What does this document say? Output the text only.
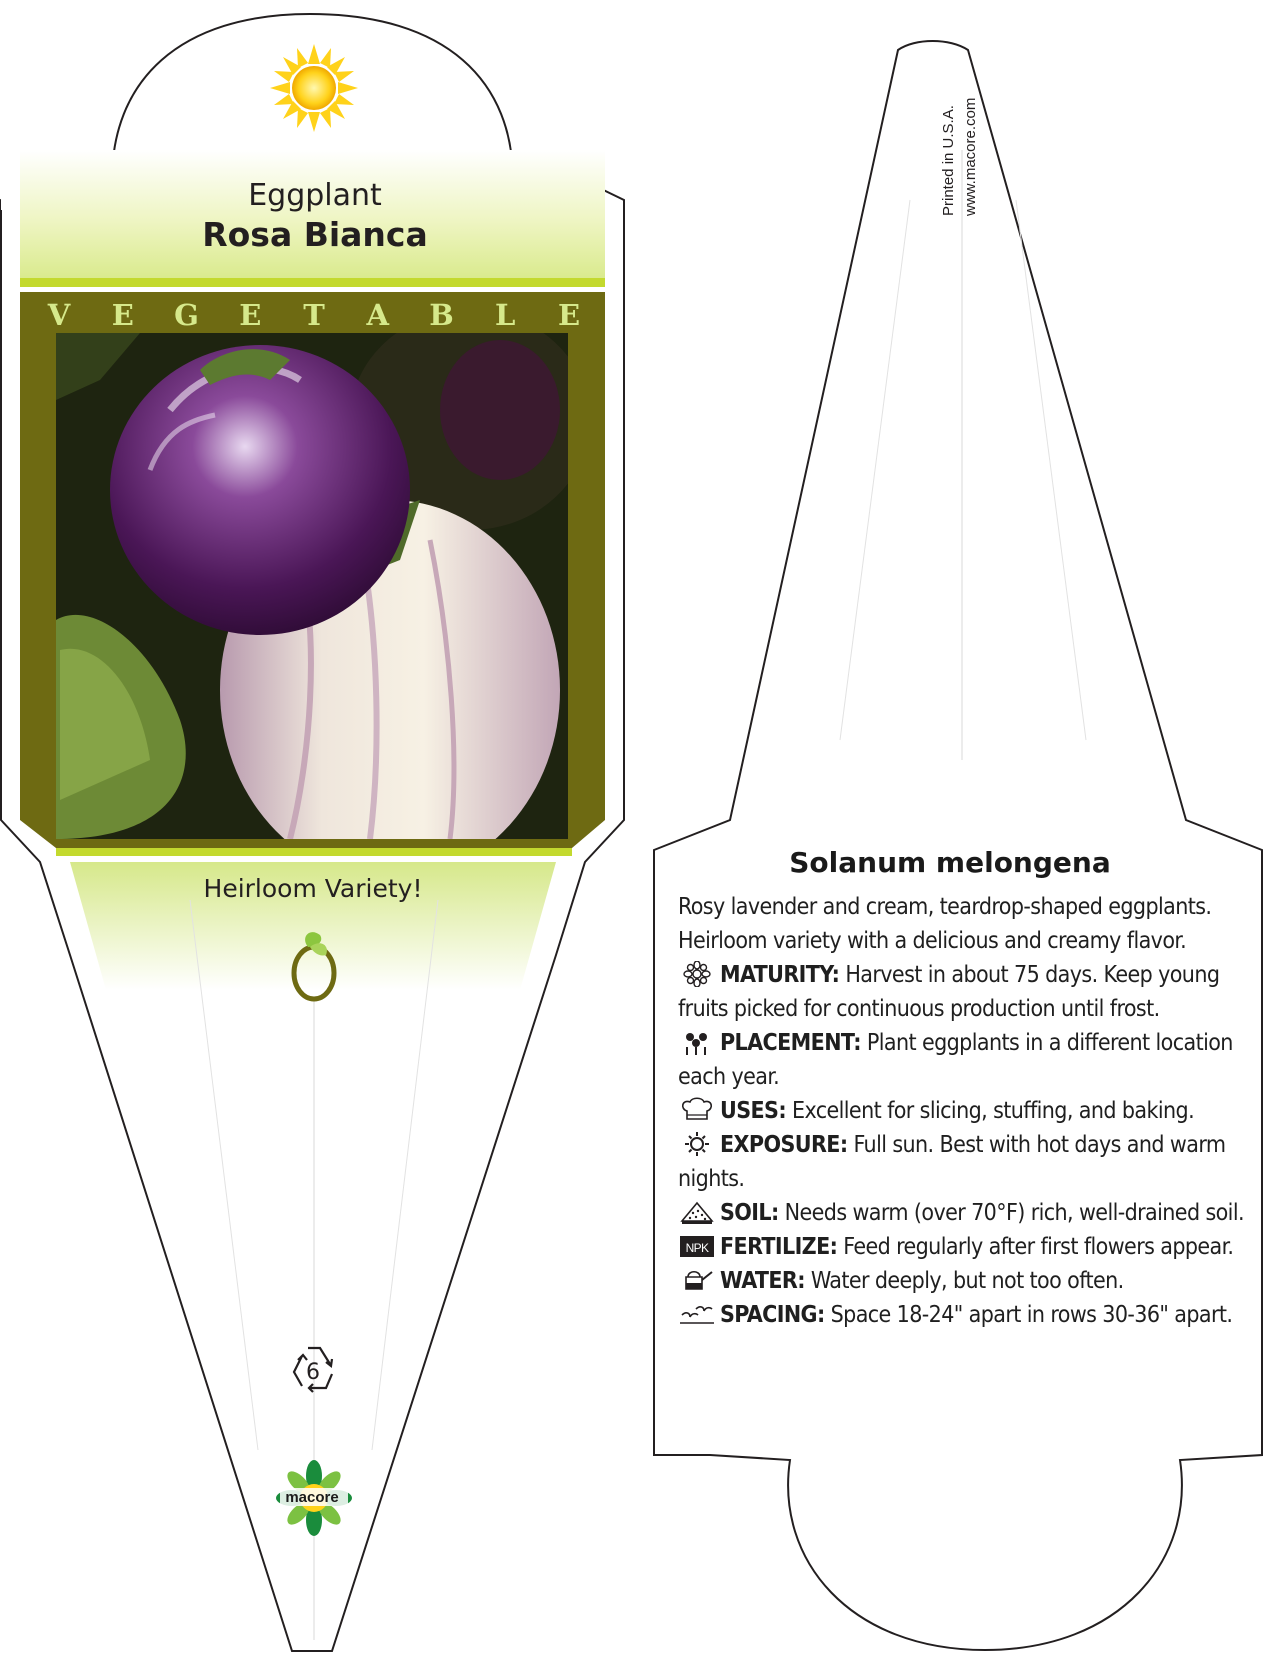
Eggplant
Rosa Bianca
V E G E T A B L E
Heirloom Variety!
6
macore
Printed in U.S.A. www.macore.com
Solanum melongena

Rosy lavender and cream, teardrop-shaped eggplants. Heirloom variety with a delicious and creamy flavor.

MATURITY: Harvest in about 75 days. Keep young fruits picked for continuous production until frost.

PLACEMENT: Plant eggplants in a different location each year.

USES: Excellent for slicing, stuffing, and baking.

EXPOSURE: Full sun. Best with hot days and warm nights.

SOIL: Needs warm (over 70°F) rich, well-drained soil.

NPK FERTILIZE: Feed regularly after first flowers appear.

WATER: Water deeply, but not too often.

SPACING: Space 18-24" apart in rows 30-36" apart.
